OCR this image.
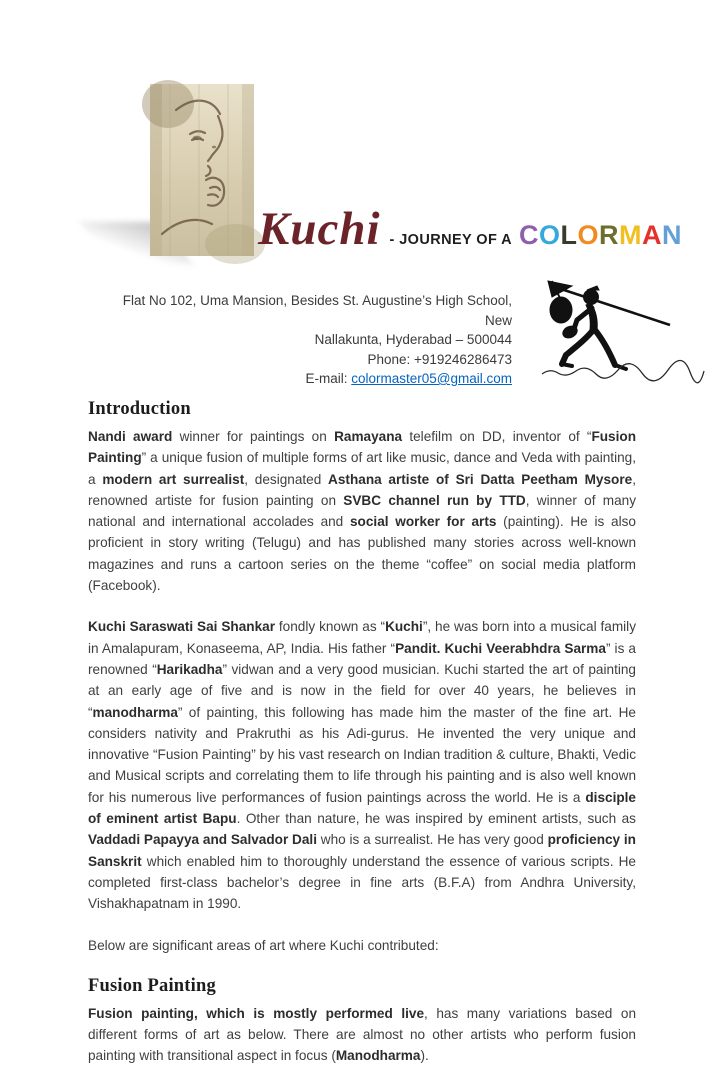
Kuchi - JOURNEY OF A COLORMAN
Flat No 102, Uma Mansion, Besides St. Augustine’s High School, New
Nallakunta, Hyderabad – 500044
Phone: +919246286473
E-mail: colormaster05@gmail.com
Introduction

Nandi award winner for paintings on Ramayana telefilm on DD, inventor of “Fusion Painting” a unique fusion of multiple forms of art like music, dance and Veda with painting, a modern art surrealist, designated Asthana artiste of Sri Datta Peetham Mysore, renowned artiste for fusion painting on SVBC channel run by TTD, winner of many national and international accolades and social worker for arts (painting). He is also proficient in story writing (Telugu) and has published many stories across well-known magazines and runs a cartoon series on the theme “coffee” on social media platform (Facebook).

Kuchi Saraswati Sai Shankar fondly known as “Kuchi”, he was born into a musical family in Amalapuram, Konaseema, AP, India. His father “Pandit. Kuchi Veerabhdra Sarma” is a renowned “Harikadha” vidwan and a very good musician. Kuchi started the art of painting at an early age of five and is now in the field for over 40 years, he believes in “manodharma” of painting, this following has made him the master of the fine art. He considers nativity and Prakruthi as his Adi-gurus. He invented the very unique and innovative “Fusion Painting” by his vast research on Indian tradition & culture, Bhakti, Vedic and Musical scripts and correlating them to life through his painting and is also well known for his numerous live performances of fusion paintings across the world. He is a disciple of eminent artist Bapu. Other than nature, he was inspired by eminent artists, such as Vaddadi Papayya and Salvador Dali who is a surrealist. He has very good proficiency in Sanskrit which enabled him to thoroughly understand the essence of various scripts. He completed first-class bachelor’s degree in fine arts (B.F.A) from Andhra University, Vishakhapatnam in 1990.

Below are significant areas of art where Kuchi contributed:

Fusion Painting

Fusion painting, which is mostly performed live, has many variations based on different forms of art as below. There are almost no other artists who perform fusion painting with transitional aspect in focus (Manodharma).
